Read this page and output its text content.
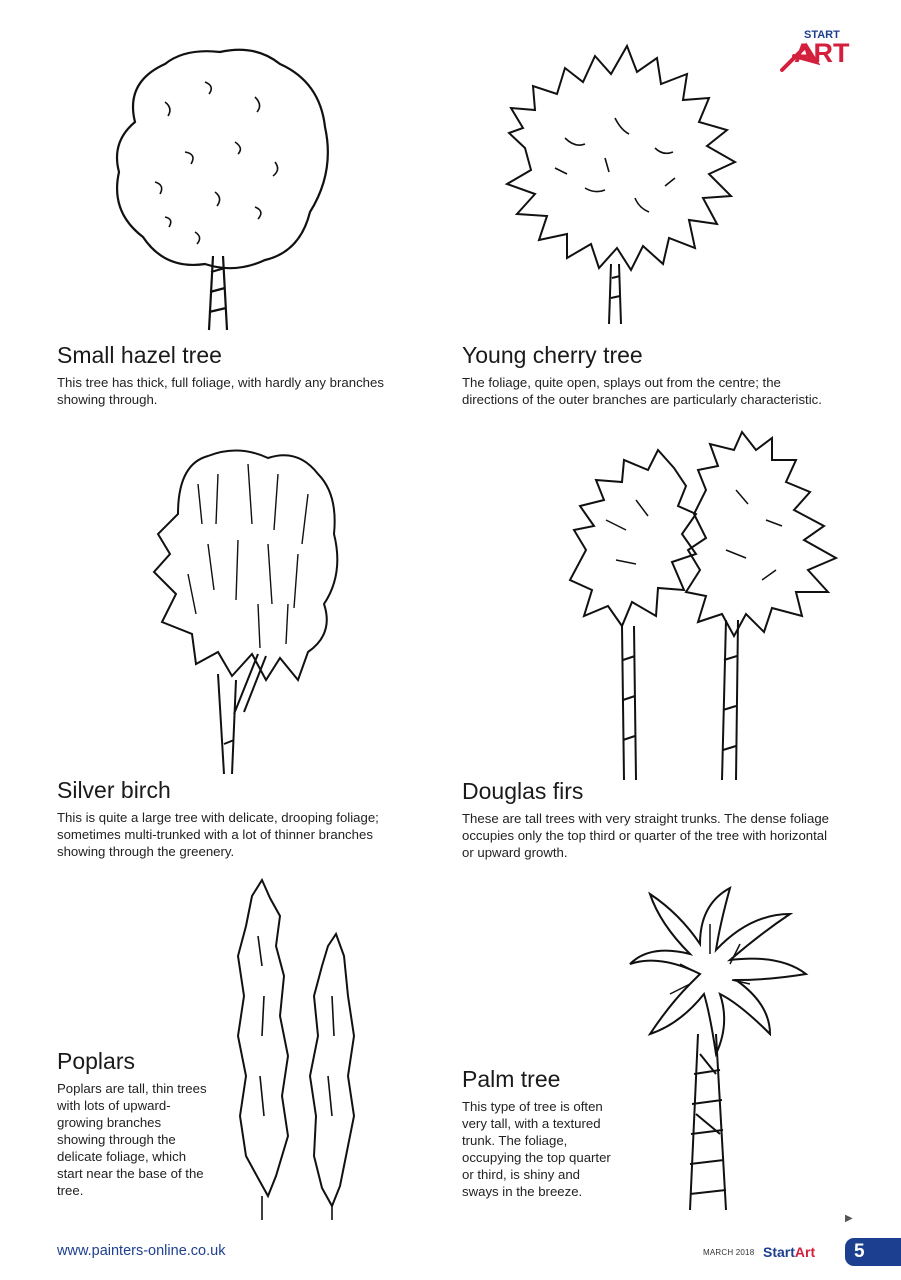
START
ART
Small hazel tree

This tree has thick, full foliage, with hardly any branches showing through.

Young cherry tree

The foliage, quite open, splays out from the centre; the directions of the outer branches are particularly characteristic.

Silver birch

This is quite a large tree with delicate, drooping foliage; sometimes multi-trunked with a lot of thinner branches showing through the greenery.

Douglas firs

These are tall trees with very straight trunks. The dense foliage occupies only the top third or quarter of the tree with horizontal or upward growth.

Poplars

Poplars are tall, thin trees with lots of upward-growing branches showing through the delicate foliage, which start near the base of the tree.

Palm tree

This type of tree is often very tall, with a textured trunk. The foliage, occupying the top quarter or third, is shiny and sways in the breeze.

▶
www.painters-online.co.uk	MARCH 2018 StartArt	5
